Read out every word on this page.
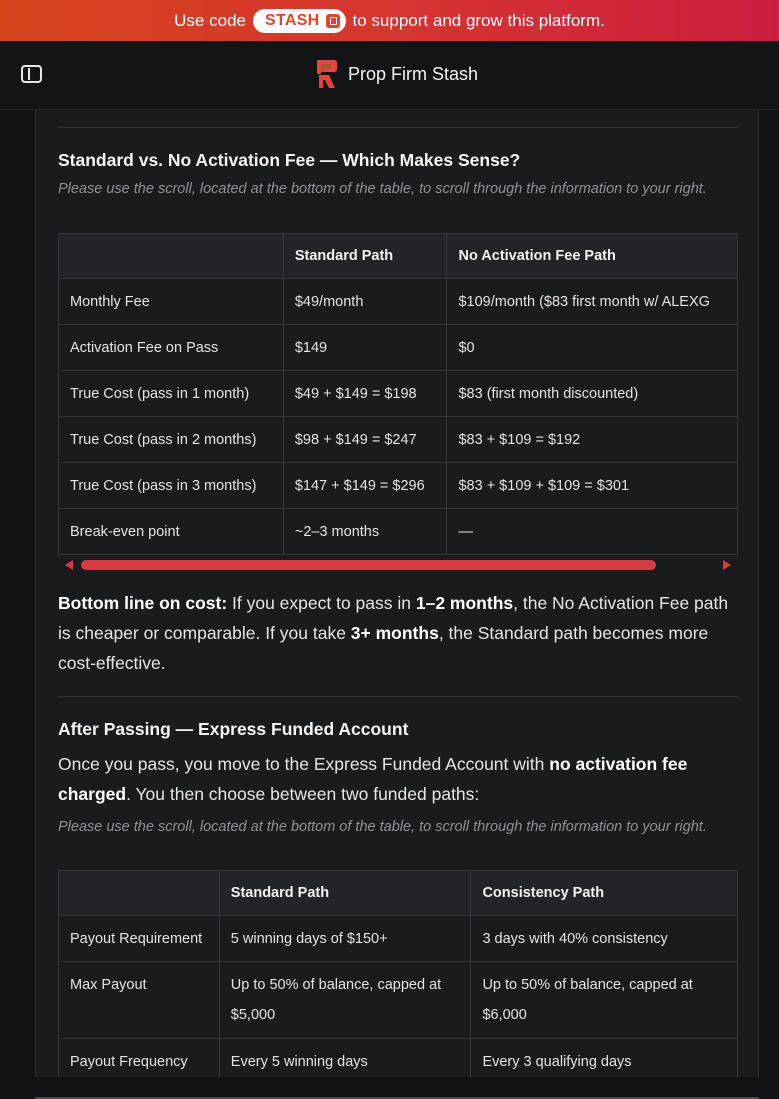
Use code STASH to support and grow this platform.
Prop Firm Stash
Standard vs. No Activation Fee — Which Makes Sense?
Please use the scroll, located at the bottom of the table, to scroll through the information to your right.
	Standard Path	No Activation Fee Path
Monthly Fee	$49/month	$109/month ($83 first month w/ ALEXG
Activation Fee on Pass	$149	$0
True Cost (pass in 1 month)	$49 + $149 = $198	$83 (first month discounted)
True Cost (pass in 2 months)	$98 + $149 = $247	$83 + $109 = $192
True Cost (pass in 3 months)	$147 + $149 = $296	$83 + $109 + $109 = $301
Break-even point	~2–3 months	—
Bottom line on cost: If you expect to pass in 1–2 months, the No Activation Fee path is cheaper or comparable. If you take 3+ months, the Standard path becomes more cost-effective.
After Passing — Express Funded Account
Once you pass, you move to the Express Funded Account with no activation fee charged. You then choose between two funded paths:
Please use the scroll, located at the bottom of the table, to scroll through the information to your right.
	Standard Path	Consistency Path
Payout Requirement	5 winning days of $150+	3 days with 40% consistency
Max Payout	Up to 50% of balance, capped at $5,000	Up to 50% of balance, capped at $6,000
Payout Frequency	Every 5 winning days	Every 3 qualifying days
